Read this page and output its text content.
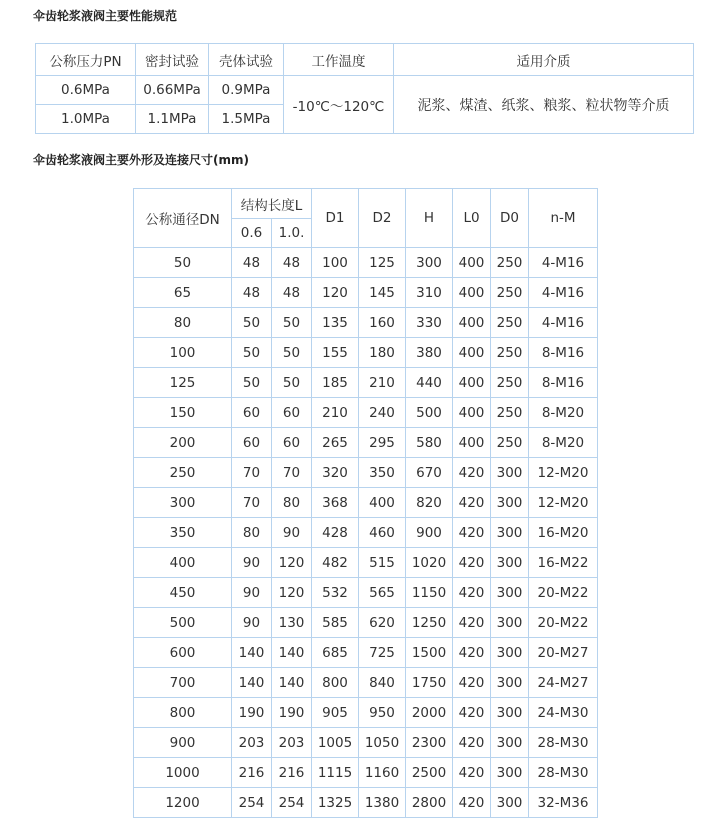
伞齿轮浆液阀主要性能规范
公称压力PN	密封试验	壳体试验	工作温度	适用介质
0.6MPa	0.66MPa	0.9MPa	-10℃～120℃	泥浆、煤渣、纸浆、粮浆、粒状物等介质
1.0MPa	1.1MPa	1.5MPa		
伞齿轮浆液阀主要外形及连接尺寸(mm)
公称通径DN	结构长度L		D1	D2	H	L0	D0	n-M
	0.6	1.0.						
50	48	48	100	125	300	400	250	4-M16
65	48	48	120	145	310	400	250	4-M16
80	50	50	135	160	330	400	250	4-M16
100	50	50	155	180	380	400	250	8-M16
125	50	50	185	210	440	400	250	8-M16
150	60	60	210	240	500	400	250	8-M20
200	60	60	265	295	580	400	250	8-M20
250	70	70	320	350	670	420	300	12-M20
300	70	80	368	400	820	420	300	12-M20
350	80	90	428	460	900	420	300	16-M20
400	90	120	482	515	1020	420	300	16-M22
450	90	120	532	565	1150	420	300	20-M22
500	90	130	585	620	1250	420	300	20-M22
600	140	140	685	725	1500	420	300	20-M27
700	140	140	800	840	1750	420	300	24-M27
800	190	190	905	950	2000	420	300	24-M30
900	203	203	1005	1050	2300	420	300	28-M30
1000	216	216	1115	1160	2500	420	300	28-M30
1200	254	254	1325	1380	2800	420	300	32-M36
